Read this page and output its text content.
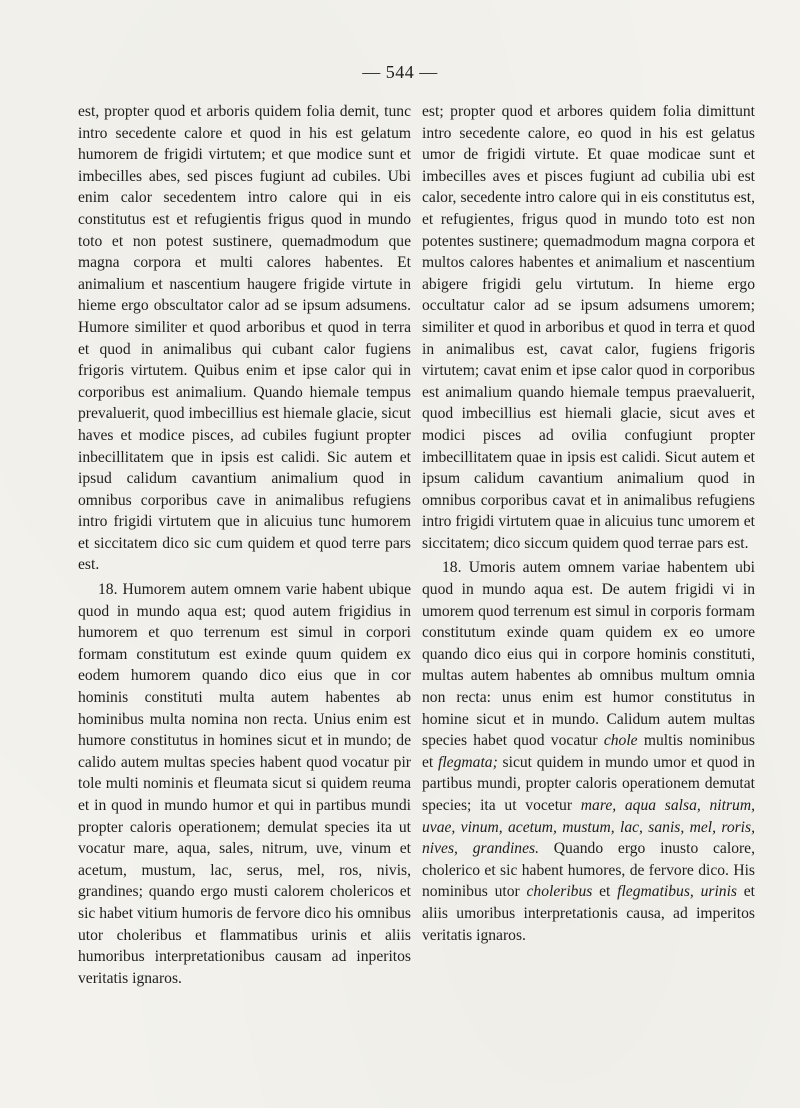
— 544 —

est, propter quod et arboris quidem folia demit, tunc intro secedente calore et quod in his est gelatum humorem de frigidi virtutem; et que modice sunt et imbecilles abes, sed pisces fugiunt ad cubiles. Ubi enim calor secedentem intro calore qui in eis constitutus est et refugientis frigus quod in mundo toto et non potest sustinere, quemadmodum que magna corpora et multi calores habentes. Et animalium et nascentium haugere frigide virtute in hieme ergo obscultator calor ad se ipsum adsumens. Humore similiter et quod arboribus et quod in terra et quod in animalibus qui cubant calor fugiens frigoris virtutem. Quibus enim et ipse calor qui in corporibus est animalium. Quando hiemale tempus prevaluerit, quod imbecillius est hiemale glacie, sicut haves et modice pisces, ad cubiles fugiunt propter inbecillitatem que in ipsis est calidi. Sic autem et ipsud calidum cavantium animalium quod in omnibus corporibus cave in animalibus refugiens intro frigidi virtutem que in alicuius tunc humorem et siccitatem dico sic cum quidem et quod terre pars est.

18. Humorem autem omnem varie habent ubique quod in mundo aqua est; quod autem frigidius in humorem et quo terrenum est simul in corpori formam constitutum est exinde quum quidem ex eodem humorem quando dico eius que in cor hominis constituti multa autem habentes ab hominibus multa nomina non recta. Unius enim est humore constitutus in homines sicut et in mundo; de calido autem multas species habent quod vocatur pir tole multi nominis et fleumata sicut si quidem reuma et in quod in mundo humor et qui in partibus mundi propter caloris operationem; demulat species ita ut vocatur mare, aqua, sales, nitrum, uve, vinum et acetum, mustum, lac, serus, mel, ros, nivis, grandines; quando ergo musti calorem cholericos et sic habet vitium humoris de fervore dico his omnibus utor choleribus et flammatibus urinis et aliis humoribus interpretationibus causam ad inperitos veritatis ignaros.

est; propter quod et arbores quidem folia dimittunt intro secedente calore, eo quod in his est gelatus umor de frigidi virtute. Et quae modicae sunt et imbecilles aves et pisces fugiunt ad cubilia ubi est calor, secedente intro calore qui in eis constitutus est, et refugientes, frigus quod in mundo toto est non potentes sustinere; quemadmodum magna corpora et multos calores habentes et animalium et nascentium abigere frigidi gelu virtutum. In hieme ergo occultatur calor ad se ipsum adsumens umorem; similiter et quod in arboribus et quod in terra et quod in animalibus est, cavat calor, fugiens frigoris virtutem; cavat enim et ipse calor quod in corporibus est animalium quando hiemale tempus praevaluerit, quod imbecillius est hiemali glacie, sicut aves et modici pisces ad ovilia confugiunt propter imbecillitatem quae in ipsis est calidi. Sicut autem et ipsum calidum cavantium animalium quod in omnibus corporibus cavat et in animalibus refugiens intro frigidi virtutem quae in alicuius tunc umorem et siccitatem; dico siccum quidem quod terrae pars est.

18. Umoris autem omnem variae habentem ubi quod in mundo aqua est. De autem frigidi vi in umorem quod terrenum est simul in corporis formam constitutum exinde quam quidem ex eo umore quando dico eius qui in corpore hominis constituti, multas autem habentes ab omnibus multum omnia non recta: unus enim est humor constitutus in homine sicut et in mundo. Calidum autem multas species habet quod vocatur chole multis nominibus et flegmata; sicut quidem in mundo umor et quod in partibus mundi, propter caloris operationem demutat species; ita ut vocetur mare, aqua salsa, nitrum, uvae, vinum, acetum, mustum, lac, sanis, mel, roris, nives, grandines. Quando ergo inusto calore, cholerico et sic habent humores, de fervore dico. His nominibus utor choleribus et flegmatibus, urinis et aliis umoribus interpretationis causa, ad imperitos veritatis ignaros.
